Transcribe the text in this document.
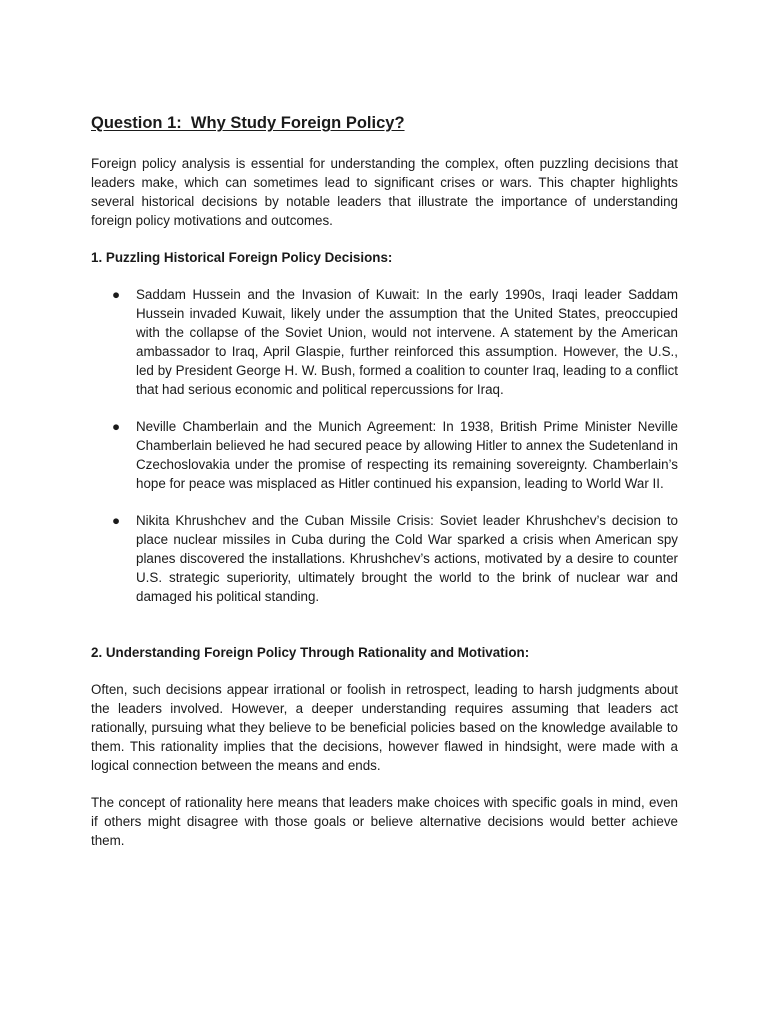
Question 1:  Why Study Foreign Policy?

Foreign policy analysis is essential for understanding the complex, often puzzling decisions that leaders make, which can sometimes lead to significant crises or wars. This chapter highlights several historical decisions by notable leaders that illustrate the importance of understanding foreign policy motivations and outcomes.

1. Puzzling Historical Foreign Policy Decisions:
● Saddam Hussein and the Invasion of Kuwait: In the early 1990s, Iraqi leader Saddam Hussein invaded Kuwait, likely under the assumption that the United States, preoccupied with the collapse of the Soviet Union, would not intervene. A statement by the American ambassador to Iraq, April Glaspie, further reinforced this assumption. However, the U.S., led by President George H. W. Bush, formed a coalition to counter Iraq, leading to a conflict that had serious economic and political repercussions for Iraq.

● Neville Chamberlain and the Munich Agreement: In 1938, British Prime Minister Neville Chamberlain believed he had secured peace by allowing Hitler to annex the Sudetenland in Czechoslovakia under the promise of respecting its remaining sovereignty. Chamberlain’s hope for peace was misplaced as Hitler continued his expansion, leading to World War II.

● Nikita Khrushchev and the Cuban Missile Crisis: Soviet leader Khrushchev’s decision to place nuclear missiles in Cuba during the Cold War sparked a crisis when American spy planes discovered the installations. Khrushchev’s actions, motivated by a desire to counter U.S. strategic superiority, ultimately brought the world to the brink of nuclear war and damaged his political standing.

2. Understanding Foreign Policy Through Rationality and Motivation:

Often, such decisions appear irrational or foolish in retrospect, leading to harsh judgments about the leaders involved. However, a deeper understanding requires assuming that leaders act rationally, pursuing what they believe to be beneficial policies based on the knowledge available to them. This rationality implies that the decisions, however flawed in hindsight, were made with a logical connection between the means and ends.

The concept of rationality here means that leaders make choices with specific goals in mind, even if others might disagree with those goals or believe alternative decisions would better achieve them.
